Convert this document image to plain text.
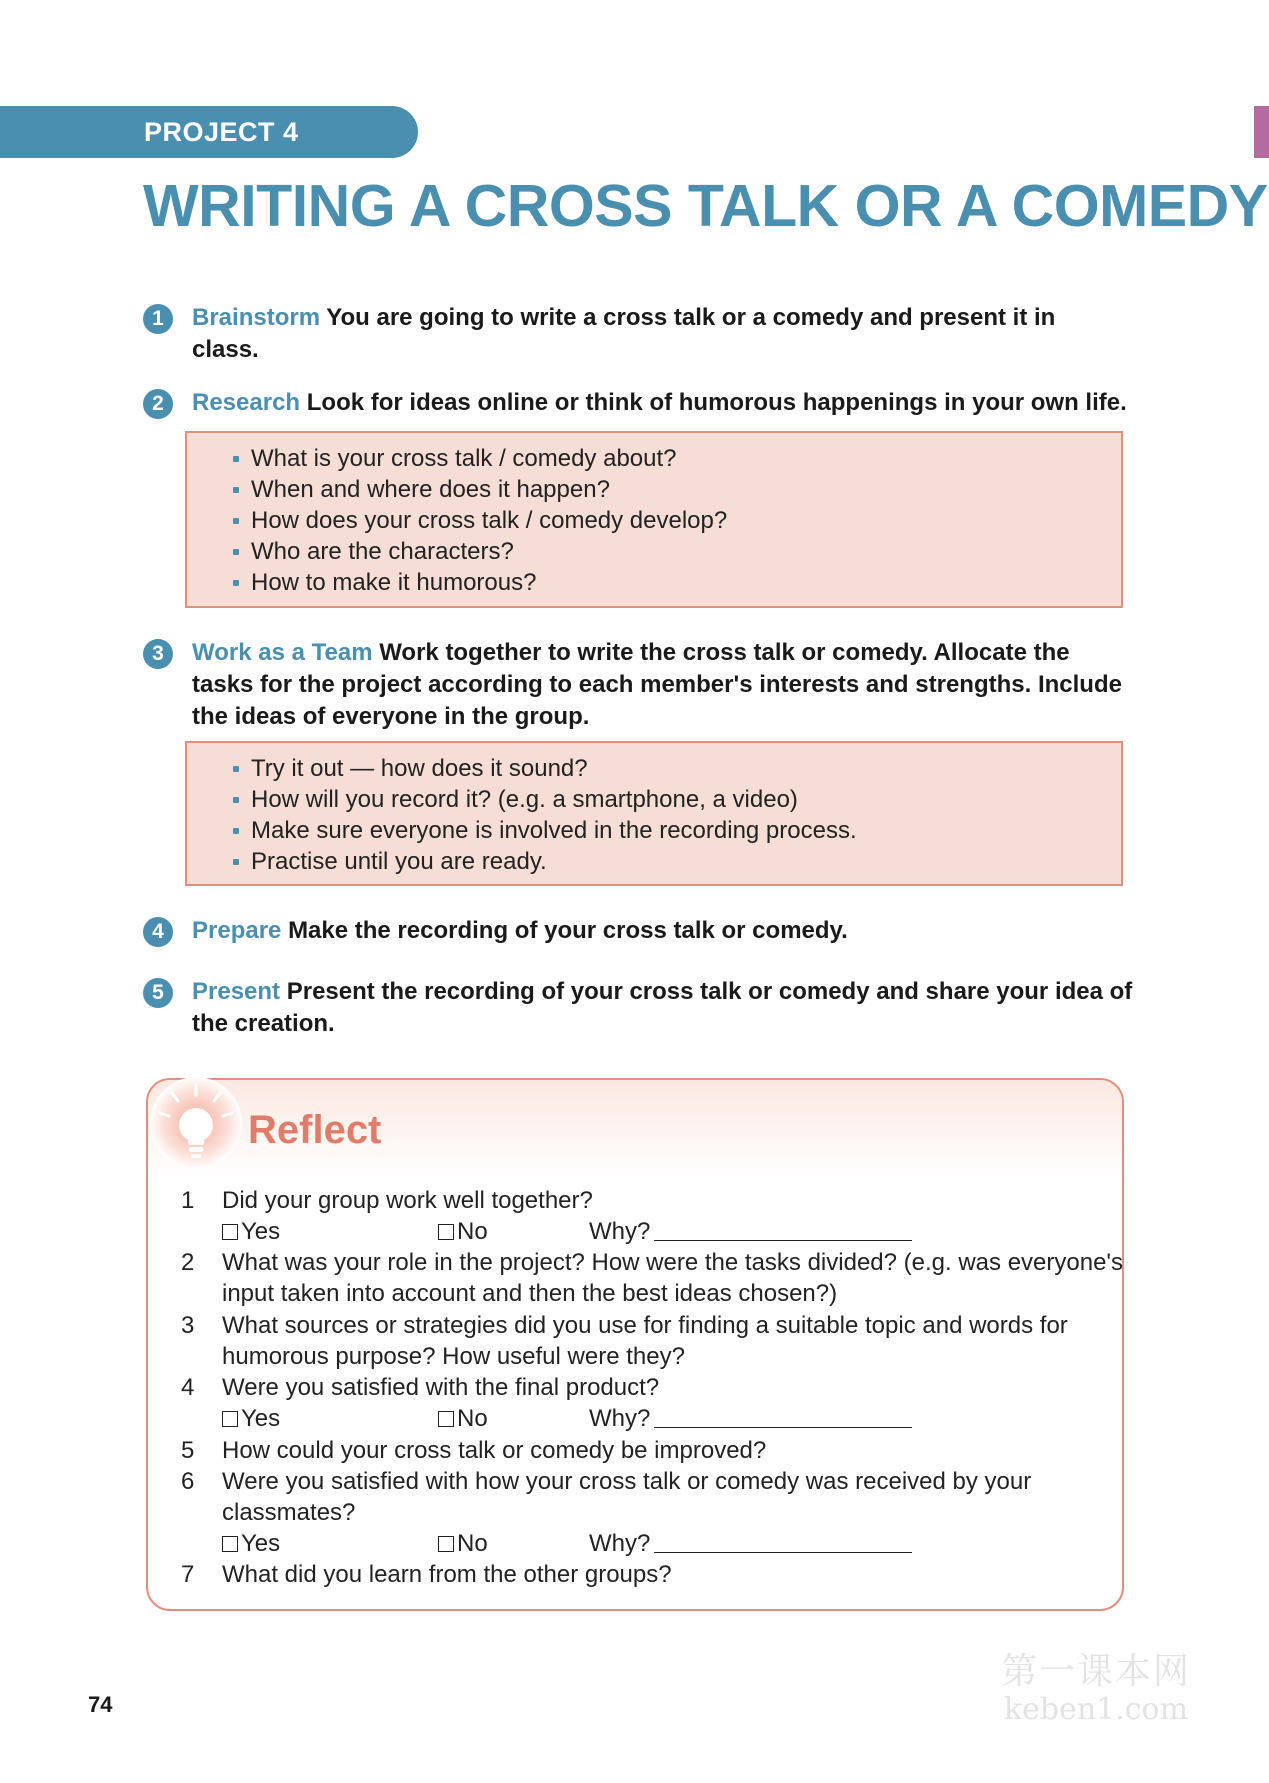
PROJECT 4
WRITING A CROSS TALK OR A COMEDY
1	Brainstorm You are going to write a cross talk or a comedy and present it in class.
2	Research Look for ideas online or think of humorous happenings in your own life.
What is your cross talk / comedy about?
When and where does it happen?
How does your cross talk / comedy develop?
Who are the characters?
How to make it humorous?
3	Work as a Team Work together to write the cross talk or comedy. Allocate the tasks for the project according to each member's interests and strengths. Include the ideas of everyone in the group.
Try it out — how does it sound?
How will you record it? (e.g. a smartphone, a video)
Make sure everyone is involved in the recording process.
Practise until you are ready.
4	Prepare Make the recording of your cross talk or comedy.
5	Present Present the recording of your cross talk or comedy and share your idea of the creation.
Reflect
1 Did your group work well together?
Yes	No	Why?
2 What was your role in the project? How were the tasks divided? (e.g. was everyone's
input taken into account and then the best ideas chosen?)
3 What sources or strategies did you use for finding a suitable topic and words for
humorous purpose? How useful were they?
4 Were you satisfied with the final product?
Yes	No	Why?
5 How could your cross talk or comedy be improved?
6 Were you satisfied with how your cross talk or comedy was received by your
classmates?
Yes	No	Why?
7 What did you learn from the other groups?
74
第一课本网
keben1.com
